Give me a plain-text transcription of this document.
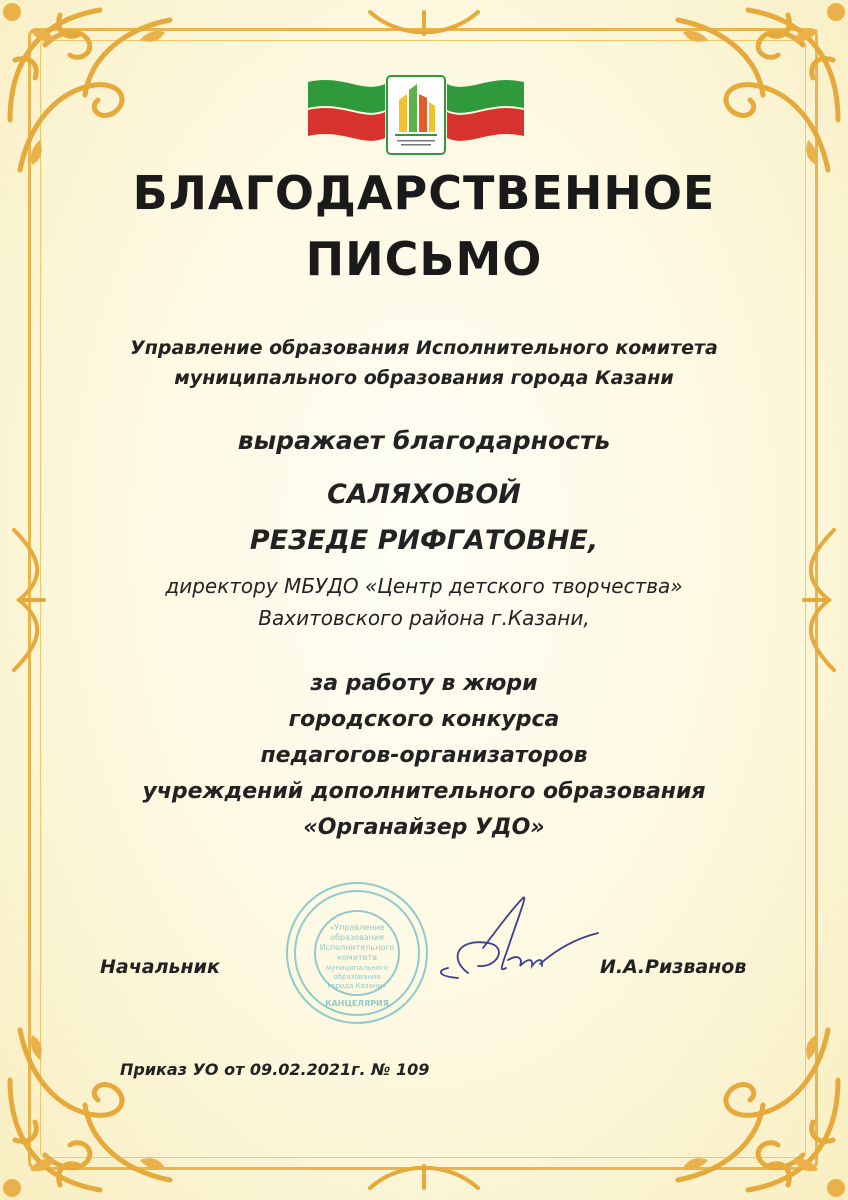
БЛАГОДАРСТВЕННОЕ
ПИСЬМО
Управление образования Исполнительного комитета
муниципального образования города Казани
выражает благодарность
САЛЯХОВОЙ
РЕЗЕДЕ РИФГАТОВНЕ,
директору МБУДО «Центр детского творчества»
Вахитовского района г.Казани,
за работу в жюри
городского конкурса
педагогов-организаторов
учреждений дополнительного образования
«Органайзер УДО»
«Управление
образования
Исполнительного
комитета
муниципального
образования
города Казани»
КАНЦЕЛЯРИЯ
Начальник	И.А.Ризванов
Приказ УО от 09.02.2021г. № 109
